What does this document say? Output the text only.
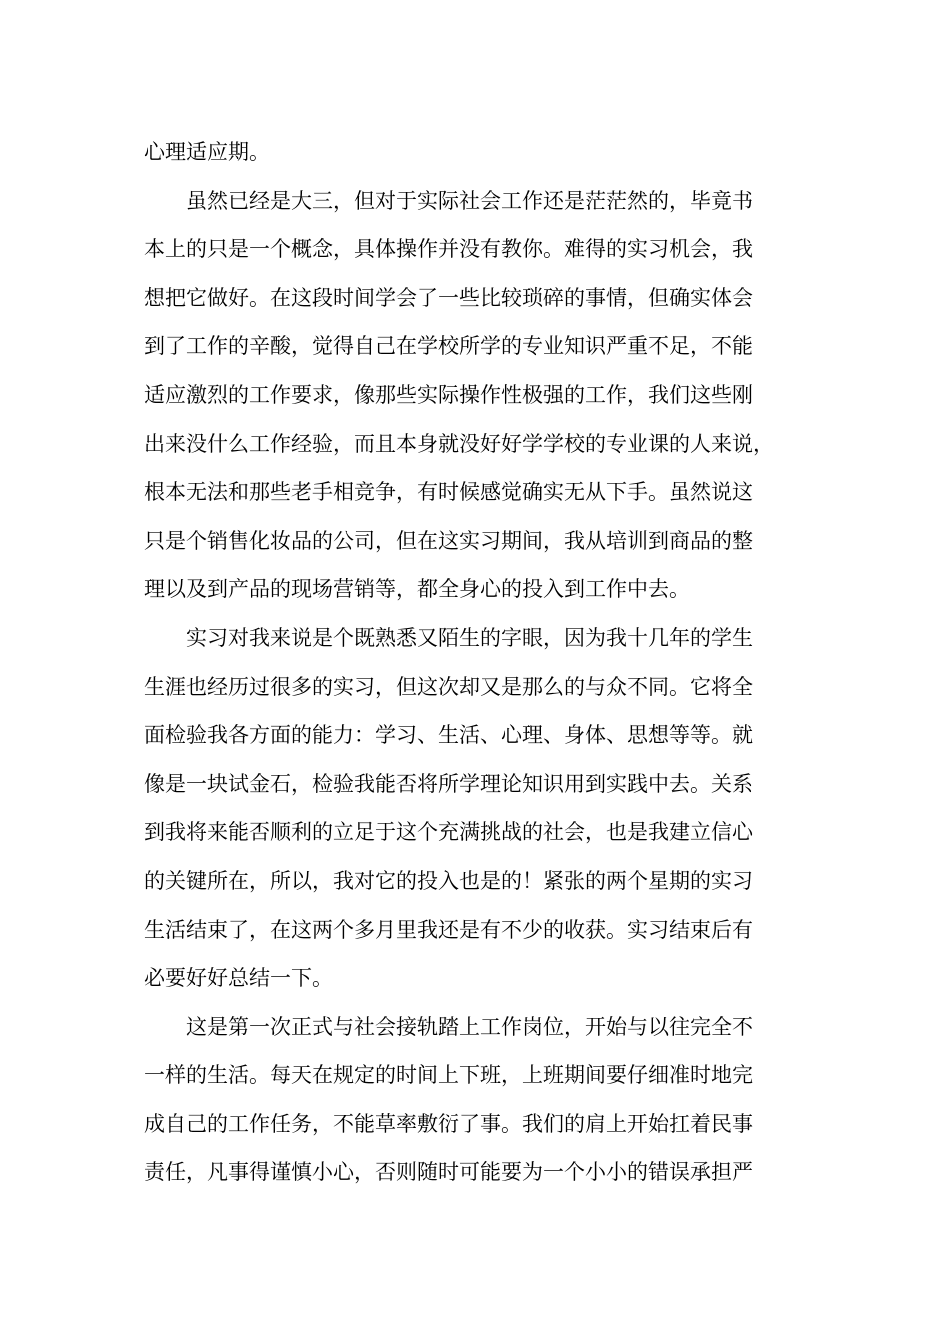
心理适应期。
　　虽然已经是大三，但对于实际社会工作还是茫茫然的，毕竟书
本上的只是一个概念，具体操作并没有教你。难得的实习机会，我
想把它做好。在这段时间学会了一些比较琐碎的事情，但确实体会
到了工作的辛酸，觉得自己在学校所学的专业知识严重不足，不能
适应激烈的工作要求，像那些实际操作性极强的工作，我们这些刚
出来没什么工作经验，而且本身就没好好学学校的专业课的人来说，
根本无法和那些老手相竞争，有时候感觉确实无从下手。虽然说这
只是个销售化妆品的公司，但在这实习期间，我从培训到商品的整
理以及到产品的现场营销等，都全身心的投入到工作中去。
　　实习对我来说是个既熟悉又陌生的字眼，因为我十几年的学生
生涯也经历过很多的实习，但这次却又是那么的与众不同。它将全
面检验我各方面的能力：学习、生活、心理、身体、思想等等。就
像是一块试金石，检验我能否将所学理论知识用到实践中去。关系
到我将来能否顺利的立足于这个充满挑战的社会，也是我建立信心
的关键所在，所以，我对它的投入也是的！紧张的两个星期的实习
生活结束了，在这两个多月里我还是有不少的收获。实习结束后有
必要好好总结一下。
　　这是第一次正式与社会接轨踏上工作岗位，开始与以往完全不
一样的生活。每天在规定的时间上下班，上班期间要仔细准时地完
成自己的工作任务，不能草率敷衍了事。我们的肩上开始扛着民事
责任，凡事得谨慎小心，否则随时可能要为一个小小的错误承担严
